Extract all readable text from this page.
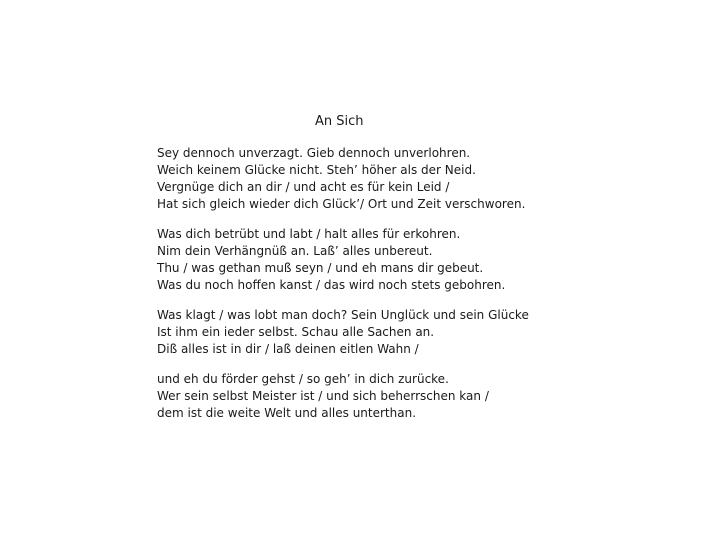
An Sich
Sey dennoch unverzagt. Gieb dennoch unverlohren.
Weich keinem Glücke nicht. Steh’ höher als der Neid.
Vergnüge dich an dir / und acht es für kein Leid /
Hat sich gleich wieder dich Glück’/ Ort und Zeit verschworen.
Was dich betrübt und labt / halt alles für erkohren.
Nim dein Verhängnüß an. Laß’ alles unbereut.
Thu / was gethan muß seyn / und eh mans dir gebeut.
Was du noch hoffen kanst / das wird noch stets gebohren.
Was klagt / was lobt man doch? Sein Unglück und sein Glücke
Ist ihm ein ieder selbst. Schau alle Sachen an.
Diß alles ist in dir / laß deinen eitlen Wahn /
und eh du förder gehst / so geh’ in dich zurücke.
Wer sein selbst Meister ist / und sich beherrschen kan /
dem ist die weite Welt und alles unterthan.
